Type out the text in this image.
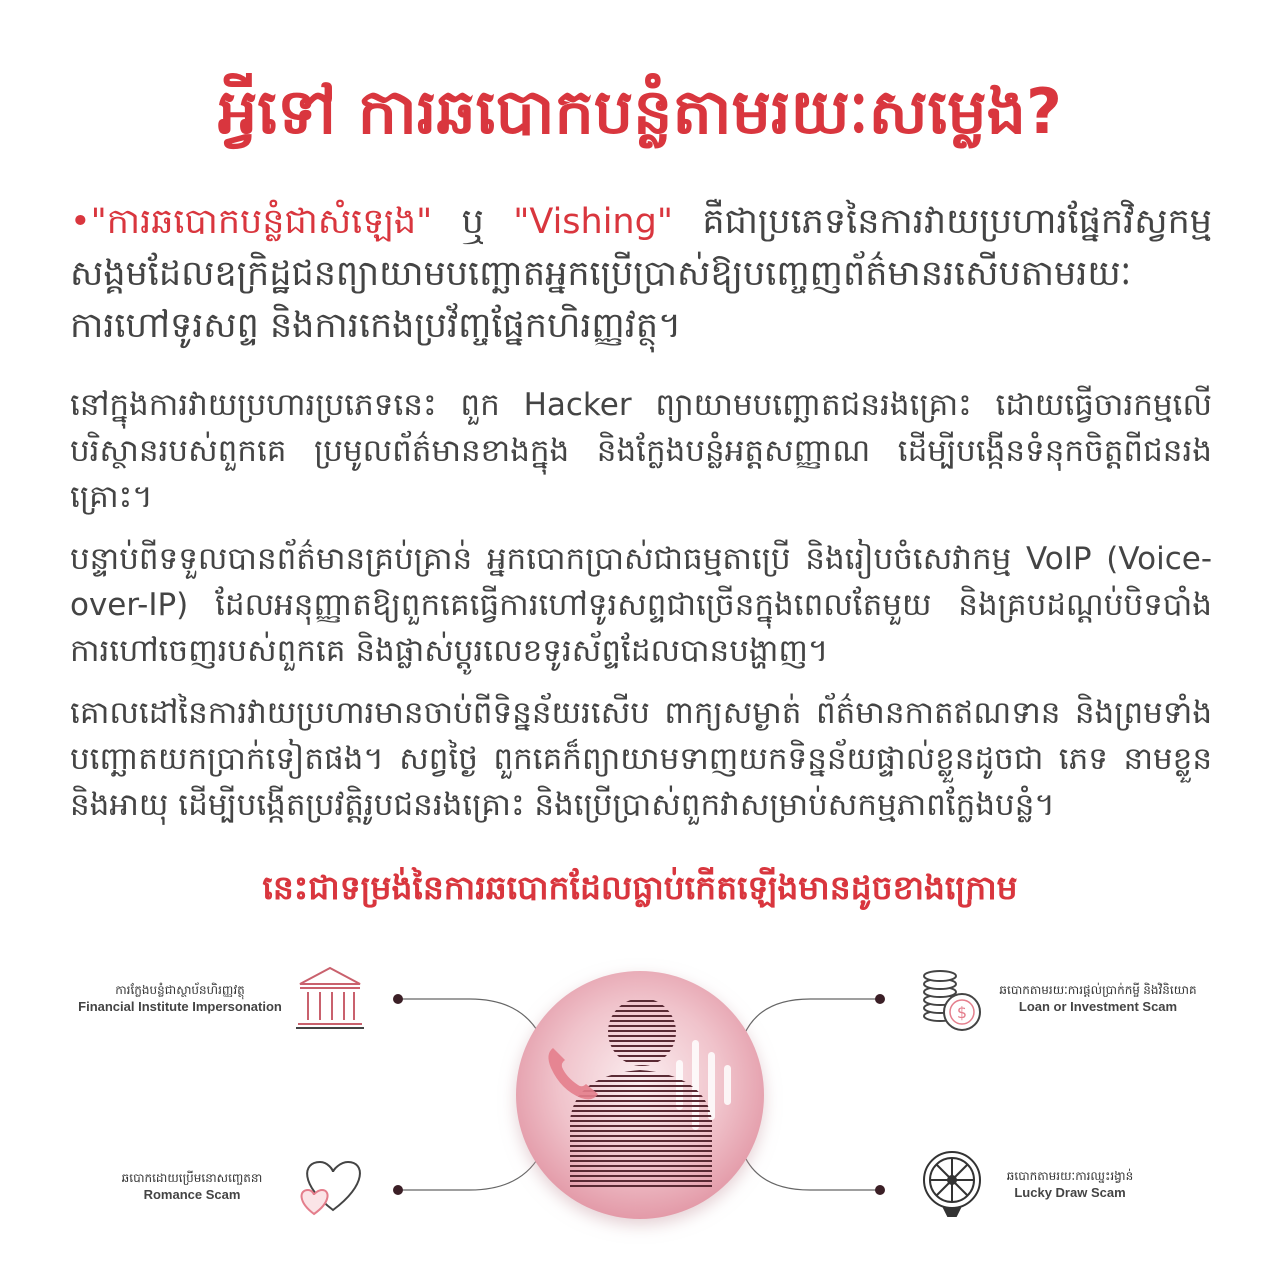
អ្វីទៅ ការឆបោកបន្លំតាមរយៈសម្លេង?

•"ការឆបោកបន្លំជាសំឡេង" ឬ "Vishing" គឺជាប្រភេទនៃការវាយប្រហារផ្នែកវិស្វកម្មសង្គមដែលឧក្រិដ្ឋជនព្យាយាមបញ្ឆោតអ្នកប្រើប្រាស់ឱ្យបញ្ចេញព័ត៌មានរសើបតាមរយៈការហៅទូរសព្ទ និងការកេងប្រវ័ញ្ចផ្នែកហិរញ្ញវត្ថុ។

នៅក្នុងការវាយប្រហារប្រភេទនេះ ពួក Hacker ព្យាយាមបញ្ឆោតជនរងគ្រោះ ដោយធ្វើចារកម្មលើបរិស្ថានរបស់ពួកគេ ប្រមូលព័ត៌មានខាងក្នុង និងក្លែងបន្លំអត្តសញ្ញាណ ដើម្បីបង្កើនទំនុកចិត្តពីជនរងគ្រោះ។

បន្ទាប់ពីទទួលបានព័ត៌មានគ្រប់គ្រាន់ អ្នកបោកប្រាស់ជាធម្មតាប្រើ និងរៀបចំសេវាកម្ម VoIP (Voice-over-IP) ដែលអនុញ្ញាតឱ្យពួកគេធ្វើការហៅទូរសព្ទជាច្រើនក្នុងពេលតែមួយ និងគ្របដណ្តប់បិទបាំងការហៅចេញរបស់ពួកគេ និងផ្លាស់ប្តូរលេខទូរស័ព្ទដែលបានបង្ហាញ។

គោលដៅនៃការវាយប្រហារមានចាប់ពីទិន្នន័យរសើប ពាក្យសម្ងាត់ ព័ត៌មានកាតឥណទាន និងព្រមទាំងបញ្ឆោតយកប្រាក់ទៀតផង។ សព្វថ្ងៃ ពួកគេក៏ព្យាយាមទាញយកទិន្នន័យផ្ទាល់ខ្លួនដូចជា ភេទ នាមខ្លួន និងអាយុ ដើម្បីបង្កើតប្រវត្តិរូបជនរងគ្រោះ និងប្រើប្រាស់ពួកវាសម្រាប់សកម្មភាពក្លែងបន្លំ។

នេះជាទម្រង់នៃការឆបោកដែលធ្លាប់កើតឡើងមានដូចខាងក្រោម
$
ការក្លែងបន្លំជាស្ថាប័នហិរញ្ញវត្ថុ
Financial Institute Impersonation
ឆបោកដោយប្រើមនោសញ្ចេតនា
Romance Scam
ឆបោកតាមរយៈការផ្តល់ប្រាក់កម្ចី និងវិនិយោគ
Loan or Investment Scam
ឆបោកតាមរយៈការឈ្នះរង្វាន់
Lucky Draw Scam
